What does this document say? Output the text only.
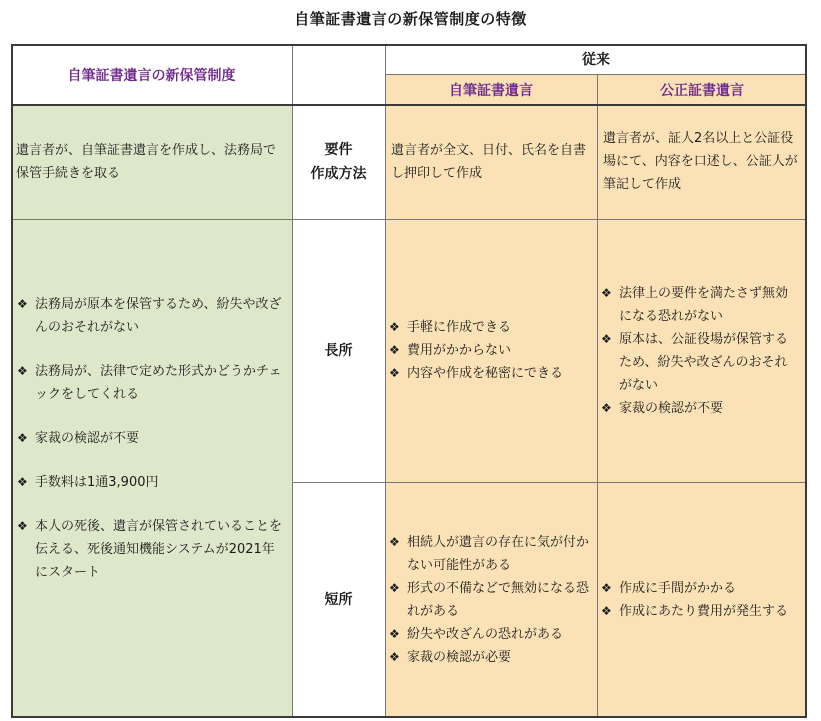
自筆証書遺言の新保管制度の特徴
自筆証書遺言の新保管制度
従来
自筆証書遺言	公正証書遺言
遺言者が、自筆証書遺言を作成し、法務局で保管手続きを取る
要件
作成方法
遺言者が全文、日付、氏名を自書し押印して作成
遺言者が、証人2名以上と公証役場にて、内容を口述し、公証人が筆記して作成
❖ 法務局が原本を保管するため、紛失や改ざんのおそれがない
❖ 法務局が、法律で定めた形式かどうかチェックをしてくれる
❖ 家裁の検認が不要
❖ 手数料は1通3,900円
❖ 本人の死後、遺言が保管されていることを伝える、死後通知機能システムが2021年にスタート
長所
❖ 手軽に作成できる
❖ 費用がかからない
❖ 内容や作成を秘密にできる
❖ 法律上の要件を満たさず無効になる恐れがない
❖ 原本は、公証役場が保管するため、紛失や改ざんのおそれがない
❖ 家裁の検認が不要
短所
❖ 相続人が遺言の存在に気が付かない可能性がある
❖ 形式の不備などで無効になる恐れがある
❖ 紛失や改ざんの恐れがある
❖ 家裁の検認が必要
❖ 作成に手間がかかる
❖ 作成にあたり費用が発生する
